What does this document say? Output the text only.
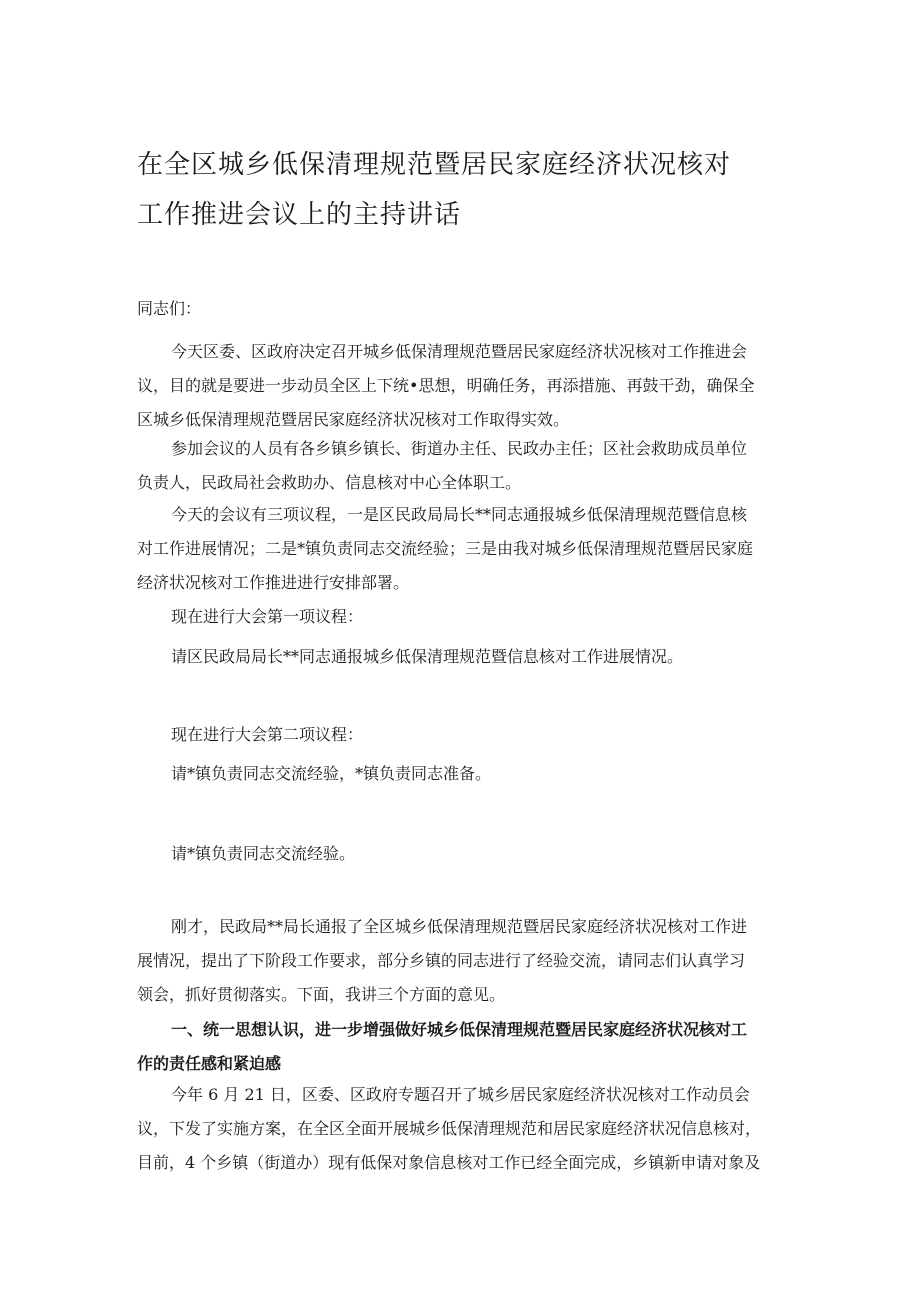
在全区城乡低保清理规范暨居民家庭经济状况核对
工作推进会议上的主持讲话

同志们：

今天区委、区政府决定召开城乡低保清理规范暨居民家庭经济状况核对工作推进会
议，目的就是要进一步动员全区上下统•思想，明确任务，再添措施、再鼓干劲，确保全
区城乡低保清理规范暨居民家庭经济状况核对工作取得实效。

参加会议的人员有各乡镇乡镇长、街道办主任、民政办主任；区社会救助成员单位
负责人，民政局社会救助办、信息核对中心全体职工。

今天的会议有三项议程，一是区民政局局长**同志通报城乡低保清理规范暨信息核
对工作进展情况；二是*镇负责同志交流经验；三是由我对城乡低保清理规范暨居民家庭
经济状况核对工作推进进行安排部署。

现在进行大会第一项议程：

请区民政局局长**同志通报城乡低保清理规范暨信息核对工作进展情况。

现在进行大会第二项议程：

请*镇负责同志交流经验，*镇负责同志准备。

请*镇负责同志交流经验。

刚才，民政局**局长通报了全区城乡低保清理规范暨居民家庭经济状况核对工作进
展情况，提出了下阶段工作要求，部分乡镇的同志进行了经验交流，请同志们认真学习
领会，抓好贯彻落实。下面，我讲三个方面的意见。

一、统一思想认识，进一步增强做好城乡低保清理规范暨居民家庭经济状况核对工
作的责任感和紧迫感

今年 6 月 21 日，区委、区政府专题召开了城乡居民家庭经济状况核对工作动员会
议，下发了实施方案，在全区全面开展城乡低保清理规范和居民家庭经济状况信息核对，
目前，4 个乡镇（街道办）现有低保对象信息核对工作已经全面完成，乡镇新申请对象及
